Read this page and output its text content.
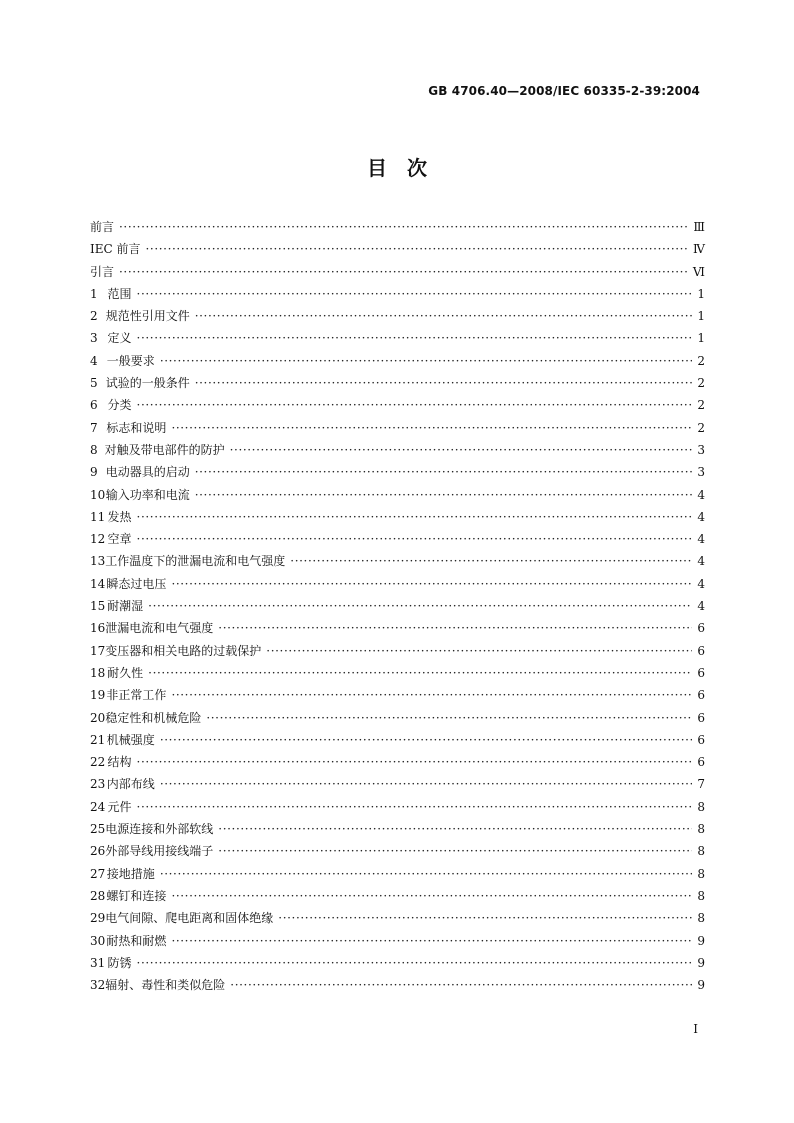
GB 4706.40—2008/IEC 60335-2-39:2004
目　次
前言 ·····	Ⅲ
IEC 前言 ·····	Ⅳ
引言 ·····	Ⅵ
1 范围 ·····	1
2 规范性引用文件 ·····	1
3 定义 ·····	1
4 一般要求 ·····	2
5 试验的一般条件 ·····	2
6 分类 ·····	2
7 标志和说明 ·····	2
8 对触及带电部件的防护 ·····	3
9 电动器具的启动 ·····	3
10 输入功率和电流 ·····	4
11 发热 ·····	4
12 空章 ·····	4
13 工作温度下的泄漏电流和电气强度 ·····	4
14 瞬态过电压 ·····	4
15 耐潮湿 ·····	4
16 泄漏电流和电气强度 ·····	6
17 变压器和相关电路的过载保护 ·····	6
18 耐久性 ·····	6
19 非正常工作 ·····	6
20 稳定性和机械危险 ·····	6
21 机械强度 ·····	6
22 结构 ·····	6
23 内部布线 ·····	7
24 元件 ·····	8
25 电源连接和外部软线 ·····	8
26 外部导线用接线端子 ·····	8
27 接地措施 ·····	8
28 螺钉和连接 ·····	8
29 电气间隙、爬电距离和固体绝缘 ·····	8
30 耐热和耐燃 ·····	9
31 防锈 ·····	9
32 辐射、毒性和类似危险 ·····	9
I
